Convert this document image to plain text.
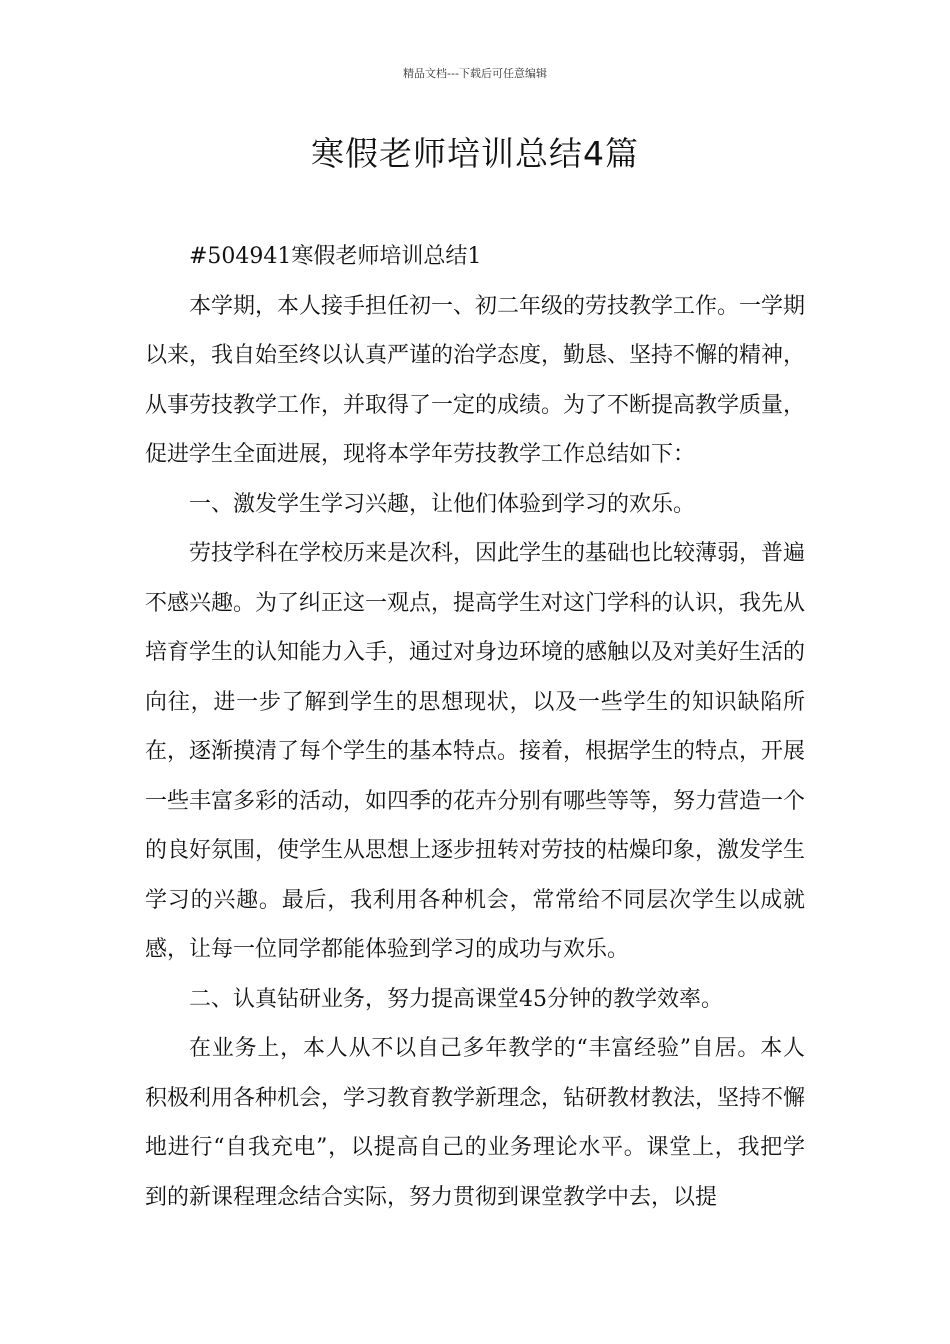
精品文档---下载后可任意编辑
寒假老师培训总结4篇

#504941寒假老师培训总结1

本学期，本人接手担任初一、初二年级的劳技教学工作。一学期以来，我自始至终以认真严谨的治学态度，勤恳、坚持不懈的精神，从事劳技教学工作，并取得了一定的成绩。为了不断提高教学质量，促进学生全面进展，现将本学年劳技教学工作总结如下：

一、激发学生学习兴趣，让他们体验到学习的欢乐。

劳技学科在学校历来是次科，因此学生的基础也比较薄弱，普遍不感兴趣。为了纠正这一观点，提高学生对这门学科的认识，我先从培育学生的认知能力入手，通过对身边环境的感触以及对美好生活的向往，进一步了解到学生的思想现状，以及一些学生的知识缺陷所在，逐渐摸清了每个学生的基本特点。接着，根据学生的特点，开展一些丰富多彩的活动，如四季的花卉分别有哪些等等，努力营造一个的良好氛围，使学生从思想上逐步扭转对劳技的枯燥印象，激发学生学习的兴趣。最后，我利用各种机会，常常给不同层次学生以成就感，让每一位同学都能体验到学习的成功与欢乐。

二、认真钻研业务，努力提高课堂45分钟的教学效率。

在业务上，本人从不以自己多年教学的“丰富经验”自居。本人积极利用各种机会，学习教育教学新理念，钻研教材教法，坚持不懈地进行“自我充电”，以提高自己的业务理论水平。课堂上，我把学到的新课程理念结合实际，努力贯彻到课堂教学中去，以提
